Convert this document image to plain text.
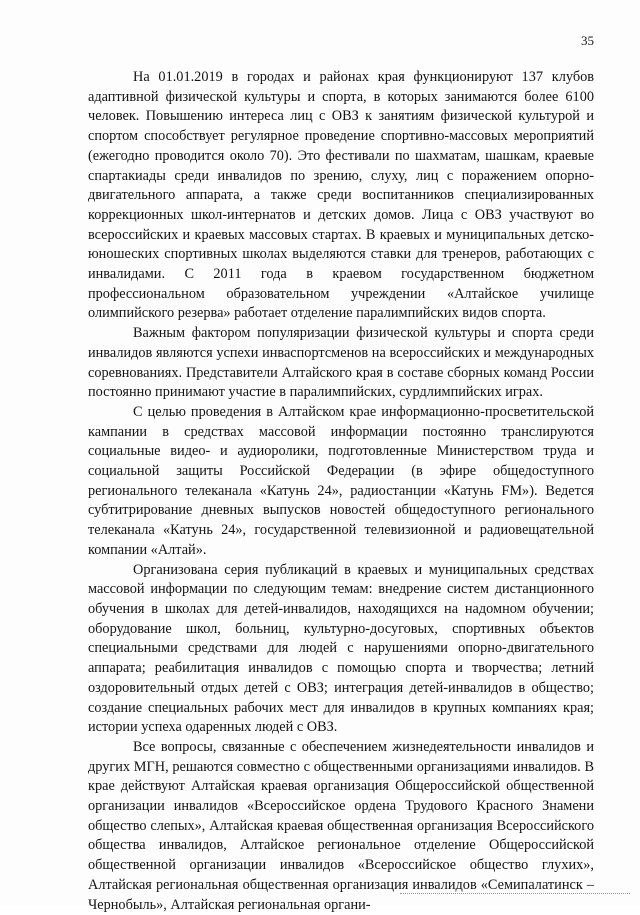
35

На 01.01.2019 в городах и районах края функционируют 137 клубов адаптивной физической культуры и спорта, в которых занимаются более 6100 человек. Повышению интереса лиц с ОВЗ к занятиям физической культурой и спортом способствует регулярное проведение спортивно-массовых мероприятий (ежегодно проводится около 70). Это фестивали по шахматам, шашкам, краевые спартакиады среди инвалидов по зрению, слуху, лиц с поражением опорно-двигательного аппарата, а также среди воспитанников специализированных коррекционных школ-интернатов и детских домов. Лица с ОВЗ участвуют во всероссийских и краевых массовых стартах. В краевых и муниципальных детско-юношеских спортивных школах выделяются ставки для тренеров, работающих с инвалидами. С 2011 года в краевом государственном бюджетном профессиональном образовательном учреждении «Алтайское училище олимпийского резерва» работает отделение паралимпийских видов спорта.

Важным фактором популяризации физической культуры и спорта среди инвалидов являются успехи инваспортсменов на всероссийских и международных соревнованиях. Представители Алтайского края в составе сборных команд России постоянно принимают участие в паралимпийских, сурдлимпийских играх.

С целью проведения в Алтайском крае информационно-просветительской кампании в средствах массовой информации постоянно транслируются социальные видео- и аудиоролики, подготовленные Министерством труда и социальной защиты Российской Федерации (в эфире общедоступного регионального телеканала «Катунь 24», радиостанции «Катунь FM»). Ведется субтитрирование дневных выпусков новостей общедоступного регионального телеканала «Катунь 24», государственной телевизионной и радиовещательной компании «Алтай».

Организована серия публикаций в краевых и муниципальных средствах массовой информации по следующим темам: внедрение систем дистанционного обучения в школах для детей-инвалидов, находящихся на надомном обучении; оборудование школ, больниц, культурно-досуговых, спортивных объектов специальными средствами для людей с нарушениями опорно-двигательного аппарата; реабилитация инвалидов с помощью спорта и творчества; летний оздоровительный отдых детей с ОВЗ; интеграция детей-инвалидов в общество; создание специальных рабочих мест для инвалидов в крупных компаниях края; истории успеха одаренных людей с ОВЗ.

Все вопросы, связанные с обеспечением жизнедеятельности инвалидов и других МГН, решаются совместно с общественными организациями инвалидов. В крае действуют Алтайская краевая организация Общероссийской общественной организации инвалидов «Всероссийское ордена Трудового Красного Знамени общество слепых», Алтайская краевая общественная организация Всероссийского общества инвалидов, Алтайское региональное отделение Общероссийской общественной организации инвалидов «Всероссийское общество глухих», Алтайская региональная общественная организация инвалидов «Семипалатинск – Чернобыль», Алтайская региональная органи-
